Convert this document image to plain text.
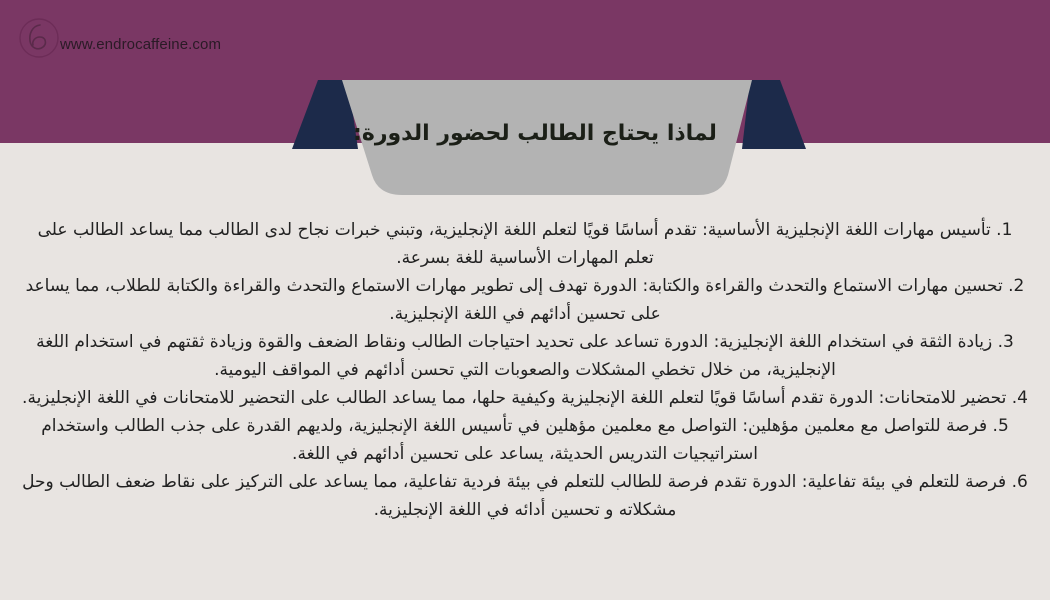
www.endrocaffeine.com
لماذا يحتاج الطالب لحضور الدورة:
1. تأسيس مهارات اللغة الإنجليزية الأساسية: تقدم أساسًا قويًا لتعلم اللغة الإنجليزية، وتبني خبرات نجاح لدى الطالب مما يساعد الطالب على تعلم المهارات الأساسية للغة بسرعة.
2. تحسين مهارات الاستماع والتحدث والقراءة والكتابة: الدورة تهدف إلى تطوير مهارات الاستماع والتحدث والقراءة والكتابة للطلاب، مما يساعد على تحسين أدائهم في اللغة الإنجليزية.
3. زيادة الثقة في استخدام اللغة الإنجليزية: الدورة تساعد على تحديد احتياجات الطالب ونقاط الضعف والقوة وزيادة ثقتهم في استخدام اللغة الإنجليزية، من خلال تخطي المشكلات والصعوبات التي تحسن أدائهم في المواقف اليومية.
4. تحضير للامتحانات: الدورة تقدم أساسًا قويًا لتعلم اللغة الإنجليزية وكيفية حلها، مما يساعد الطالب على التحضير للامتحانات في اللغة الإنجليزية.
5. فرصة للتواصل مع معلمين مؤهلين: التواصل مع معلمين مؤهلين في تأسيس اللغة الإنجليزية، ولديهم القدرة على جذب الطالب واستخدام استراتيجيات التدريس الحديثة، يساعد على تحسين أدائهم في اللغة.
6. فرصة للتعلم في بيئة تفاعلية: الدورة تقدم فرصة للطالب للتعلم في بيئة فردية تفاعلية، مما يساعد على التركيز على نقاط ضعف الطالب وحل مشكلاته و تحسين أدائه في اللغة الإنجليزية.
